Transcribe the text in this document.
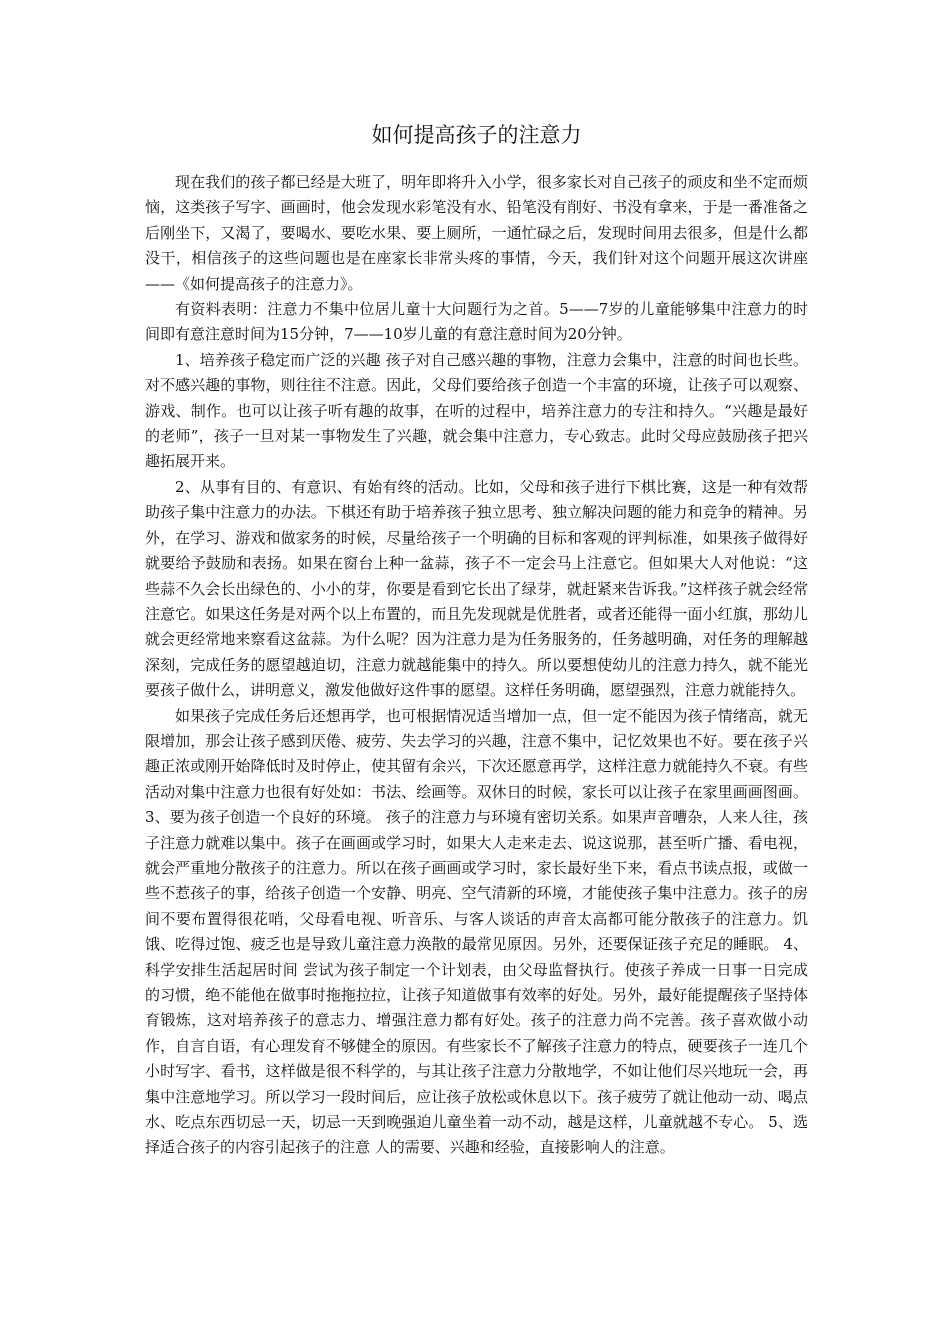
如何提高孩子的注意力

现在我们的孩子都已经是大班了，明年即将升入小学，很多家长对自己孩子的顽皮和坐不定而烦恼，这类孩子写字、画画时，他会发现水彩笔没有水、铅笔没有削好、书没有拿来，于是一番准备之后刚坐下，又渴了，要喝水、要吃水果、要上厕所，一通忙碌之后，发现时间用去很多，但是什么都没干，相信孩子的这些问题也是在座家长非常头疼的事情，今天，我们针对这个问题开展这次讲座——《如何提高孩子的注意力》。

有资料表明：注意力不集中位居儿童十大问题行为之首。5——7岁的儿童能够集中注意力的时间即有意注意时间为15分钟，7——10岁儿童的有意注意时间为20分钟。

1、培养孩子稳定而广泛的兴趣 孩子对自己感兴趣的事物，注意力会集中，注意的时间也长些。对不感兴趣的事物，则往往不注意。因此，父母们要给孩子创造一个丰富的环境，让孩子可以观察、游戏、制作。也可以让孩子听有趣的故事，在听的过程中，培养注意力的专注和持久。“兴趣是最好的老师”，孩子一旦对某一事物发生了兴趣，就会集中注意力，专心致志。此时父母应鼓励孩子把兴趣拓展开来。

2、从事有目的、有意识、有始有终的活动。比如，父母和孩子进行下棋比赛，这是一种有效帮助孩子集中注意力的办法。下棋还有助于培养孩子独立思考、独立解决问题的能力和竞争的精神。另外，在学习、游戏和做家务的时候，尽量给孩子一个明确的目标和客观的评判标准，如果孩子做得好就要给予鼓励和表扬。如果在窗台上种一盆蒜，孩子不一定会马上注意它。但如果大人对他说：“这些蒜不久会长出绿色的、小小的芽，你要是看到它长出了绿芽，就赶紧来告诉我。”这样孩子就会经常注意它。如果这任务是对两个以上布置的，而且先发现就是优胜者，或者还能得一面小红旗，那幼儿就会更经常地来察看这盆蒜。为什么呢？因为注意力是为任务服务的，任务越明确，对任务的理解越深刻，完成任务的愿望越迫切，注意力就越能集中的持久。所以要想使幼儿的注意力持久，就不能光要孩子做什么，讲明意义，激发他做好这件事的愿望。这样任务明确，愿望强烈，注意力就能持久。

如果孩子完成任务后还想再学，也可根据情况适当增加一点，但一定不能因为孩子情绪高，就无限增加，那会让孩子感到厌倦、疲劳、失去学习的兴趣，注意不集中，记忆效果也不好。要在孩子兴趣正浓或刚开始降低时及时停止，使其留有余兴，下次还愿意再学，这样注意力就能持久不衰。有些活动对集中注意力也很有好处如：书法、绘画等。双休日的时候，家长可以让孩子在家里画画图画。3、要为孩子创造一个良好的环境。 孩子的注意力与环境有密切关系。如果声音嘈杂，人来人往，孩子注意力就难以集中。孩子在画画或学习时，如果大人走来走去、说这说那，甚至听广播、看电视，就会严重地分散孩子的注意力。所以在孩子画画或学习时，家长最好坐下来，看点书读点报，或做一些不惹孩子的事，给孩子创造一个安静、明亮、空气清新的环境，才能使孩子集中注意力。孩子的房间不要布置得很花哨，父母看电视、听音乐、与客人谈话的声音太高都可能分散孩子的注意力。饥饿、吃得过饱、疲乏也是导致儿童注意力涣散的最常见原因。另外，还要保证孩子充足的睡眠。 4、科学安排生活起居时间 尝试为孩子制定一个计划表，由父母监督执行。使孩子养成一日事一日完成的习惯，绝不能他在做事时拖拖拉拉，让孩子知道做事有效率的好处。另外，最好能提醒孩子坚持体育锻炼，这对培养孩子的意志力、增强注意力都有好处。孩子的注意力尚不完善。孩子喜欢做小动作，自言自语，有心理发育不够健全的原因。有些家长不了解孩子注意力的特点，硬要孩子一连几个小时写字、看书，这样做是很不科学的，与其让孩子注意力分散地学，不如让他们尽兴地玩一会，再集中注意地学习。所以学习一段时间后，应让孩子放松或休息以下。孩子疲劳了就让他动一动、喝点水、吃点东西切忌一天，切忌一天到晚强迫儿童坐着一动不动，越是这样，儿童就越不专心。 5、选择适合孩子的内容引起孩子的注意 人的需要、兴趣和经验，直接影响人的注意。
